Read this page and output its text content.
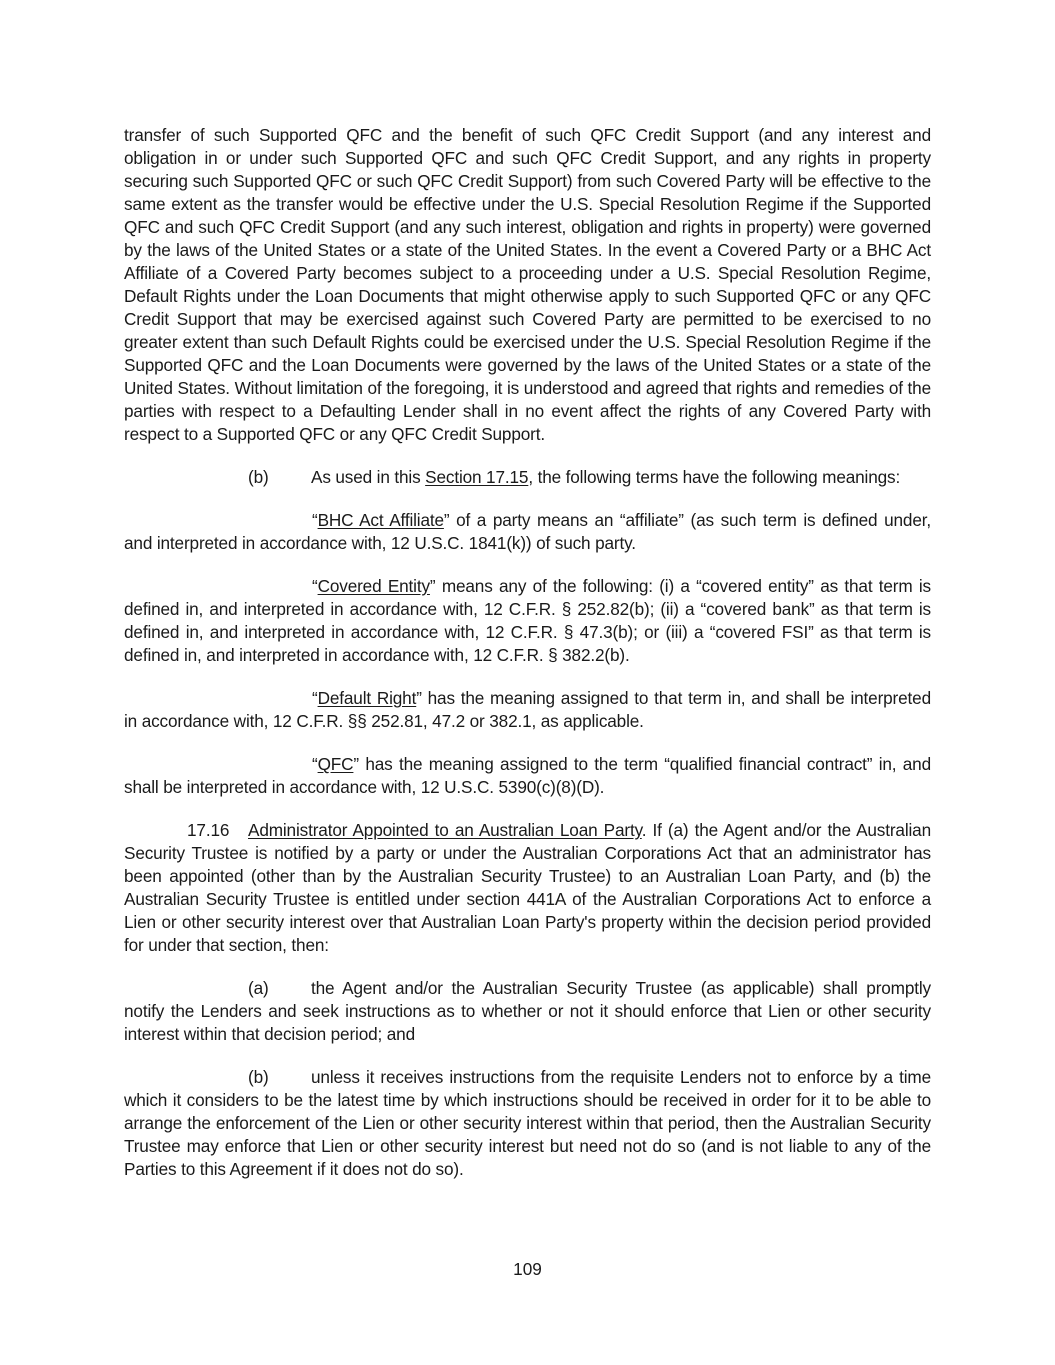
transfer of such Supported QFC and the benefit of such QFC Credit Support (and any interest and obligation in or under such Supported QFC and such QFC Credit Support, and any rights in property securing such Supported QFC or such QFC Credit Support) from such Covered Party will be effective to the same extent as the transfer would be effective under the U.S. Special Resolution Regime if the Supported QFC and such QFC Credit Support (and any such interest, obligation and rights in property) were governed by the laws of the United States or a state of the United States. In the event a Covered Party or a BHC Act Affiliate of a Covered Party becomes subject to a proceeding under a U.S. Special Resolution Regime, Default Rights under the Loan Documents that might otherwise apply to such Supported QFC or any QFC Credit Support that may be exercised against such Covered Party are permitted to be exercised to no greater extent than such Default Rights could be exercised under the U.S. Special Resolution Regime if the Supported QFC and the Loan Documents were governed by the laws of the United States or a state of the United States. Without limitation of the foregoing, it is understood and agreed that rights and remedies of the parties with respect to a Defaulting Lender shall in no event affect the rights of any Covered Party with respect to a Supported QFC or any QFC Credit Support.

(b) As used in this Section 17.15, the following terms have the following meanings:

“BHC Act Affiliate” of a party means an “affiliate” (as such term is defined under, and interpreted in accordance with, 12 U.S.C. 1841(k)) of such party.

“Covered Entity” means any of the following: (i) a “covered entity” as that term is defined in, and interpreted in accordance with, 12 C.F.R. § 252.82(b); (ii) a “covered bank” as that term is defined in, and interpreted in accordance with, 12 C.F.R. § 47.3(b); or (iii) a “covered FSI” as that term is defined in, and interpreted in accordance with, 12 C.F.R. § 382.2(b).

“Default Right” has the meaning assigned to that term in, and shall be interpreted in accordance with, 12 C.F.R. §§ 252.81, 47.2 or 382.1, as applicable.

“QFC” has the meaning assigned to the term “qualified financial contract” in, and shall be interpreted in accordance with, 12 U.S.C. 5390(c)(8)(D).

17.16 Administrator Appointed to an Australian Loan Party. If (a) the Agent and/or the Australian Security Trustee is notified by a party or under the Australian Corporations Act that an administrator has been appointed (other than by the Australian Security Trustee) to an Australian Loan Party, and (b) the Australian Security Trustee is entitled under section 441A of the Australian Corporations Act to enforce a Lien or other security interest over that Australian Loan Party's property within the decision period provided for under that section, then:

(a) the Agent and/or the Australian Security Trustee (as applicable) shall promptly notify the Lenders and seek instructions as to whether or not it should enforce that Lien or other security interest within that decision period; and

(b) unless it receives instructions from the requisite Lenders not to enforce by a time which it considers to be the latest time by which instructions should be received in order for it to be able to arrange the enforcement of the Lien or other security interest within that period, then the Australian Security Trustee may enforce that Lien or other security interest but need not do so (and is not liable to any of the Parties to this Agreement if it does not do so).

109
